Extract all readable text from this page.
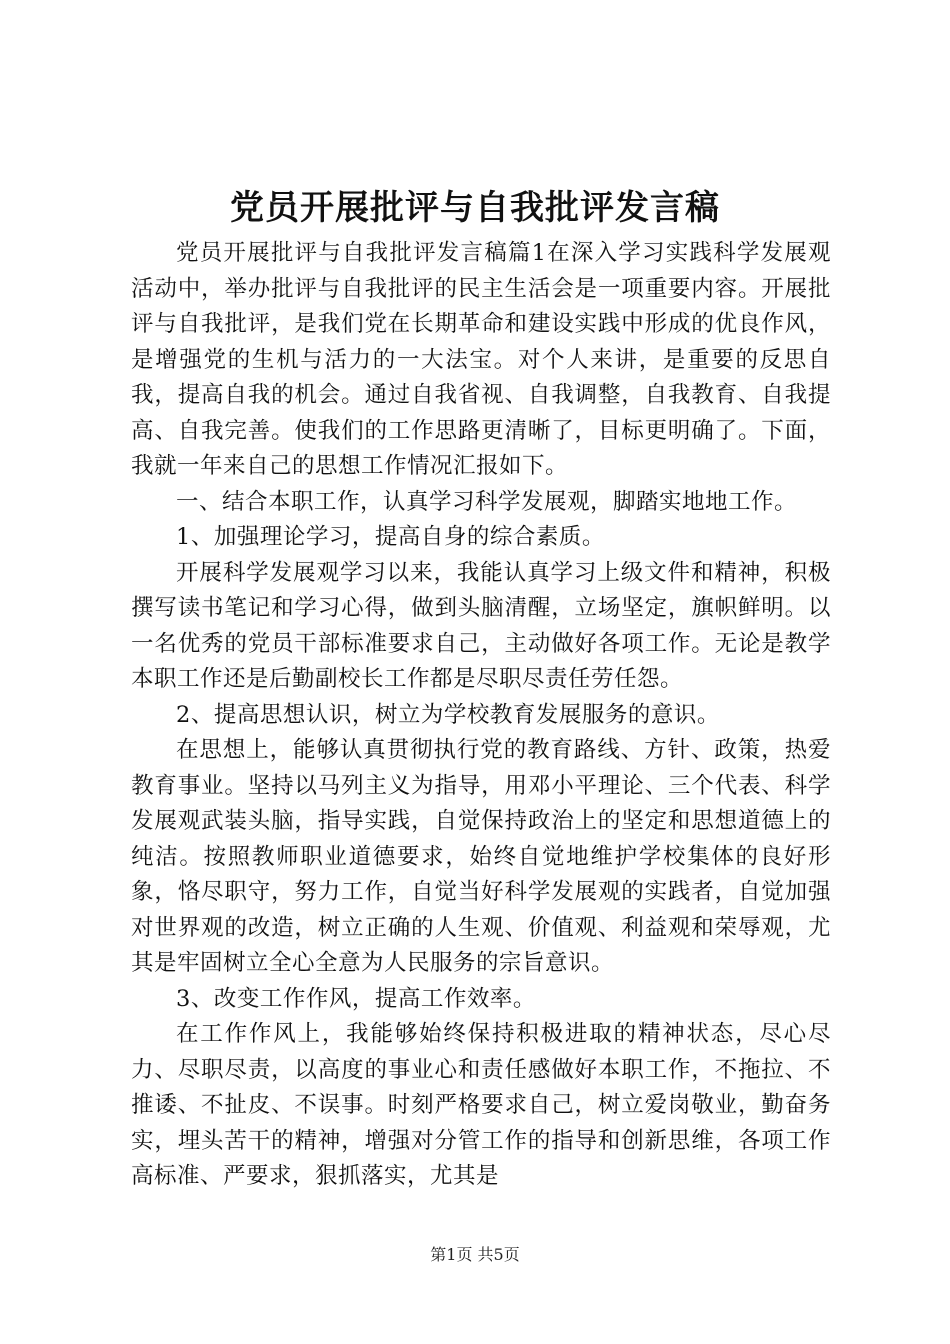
党员开展批评与自我批评发言稿

党员开展批评与自我批评发言稿篇1在深入学习实践科学发展观活动中，举办批评与自我批评的民主生活会是一项重要内容。开展批评与自我批评，是我们党在长期革命和建设实践中形成的优良作风，是增强党的生机与活力的一大法宝。对个人来讲，是重要的反思自我，提高自我的机会。通过自我省视、自我调整，自我教育、自我提高、自我完善。使我们的工作思路更清晰了，目标更明确了。下面，我就一年来自己的思想工作情况汇报如下。

一、结合本职工作，认真学习科学发展观，脚踏实地地工作。

1、加强理论学习，提高自身的综合素质。

开展科学发展观学习以来，我能认真学习上级文件和精神，积极撰写读书笔记和学习心得，做到头脑清醒，立场坚定，旗帜鲜明。以一名优秀的党员干部标准要求自己，主动做好各项工作。无论是教学本职工作还是后勤副校长工作都是尽职尽责任劳任怨。

2、提高思想认识，树立为学校教育发展服务的意识。

在思想上，能够认真贯彻执行党的教育路线、方针、政策，热爱教育事业。坚持以马列主义为指导，用邓小平理论、三个代表、科学发展观武装头脑，指导实践，自觉保持政治上的坚定和思想道德上的纯洁。按照教师职业道德要求，始终自觉地维护学校集体的良好形象，恪尽职守，努力工作，自觉当好科学发展观的实践者，自觉加强对世界观的改造，树立正确的人生观、价值观、利益观和荣辱观，尤其是牢固树立全心全意为人民服务的宗旨意识。

3、改变工作作风，提高工作效率。

在工作作风上，我能够始终保持积极进取的精神状态，尽心尽力、尽职尽责，以高度的事业心和责任感做好本职工作，不拖拉、不推诿、不扯皮、不误事。时刻严格要求自己，树立爱岗敬业，勤奋务实，埋头苦干的精神，增强对分管工作的指导和创新思维，各项工作高标准、严要求，狠抓落实，尤其是

第1页 共5页
